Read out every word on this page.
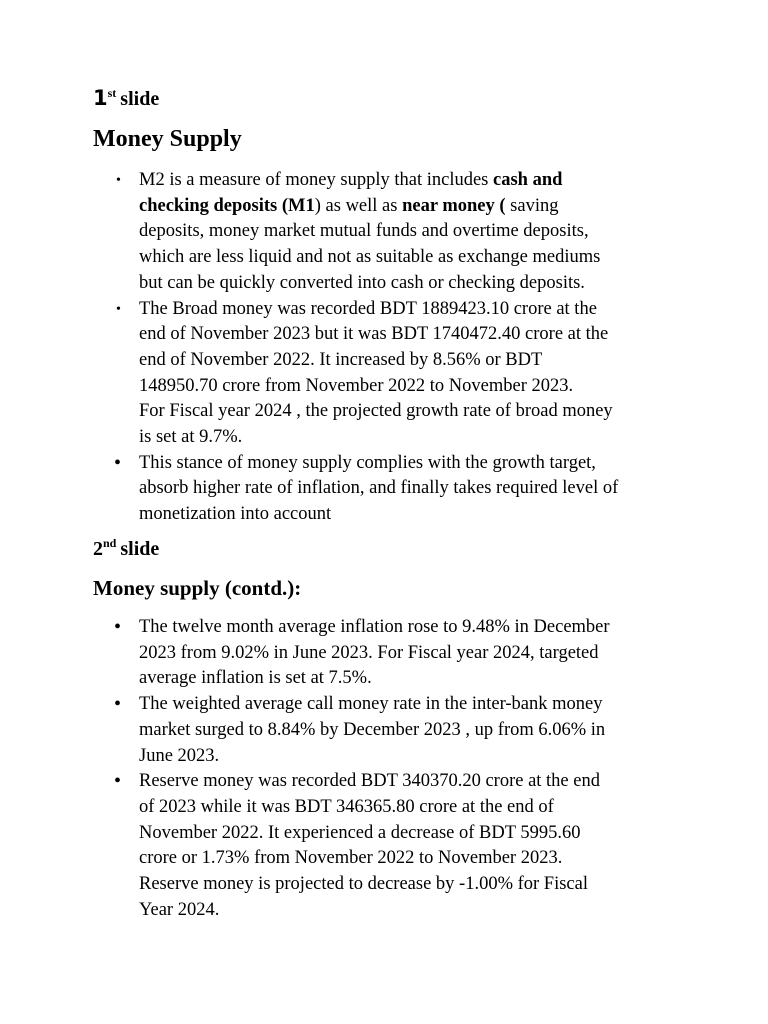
1st slide
Money Supply
• M2 is a measure of money supply that includes cash and
checking deposits (M1) as well as near money ( saving
deposits, money market mutual funds and overtime deposits,
which are less liquid and not as suitable as exchange mediums
but can be quickly converted into cash or checking deposits.
• The Broad money was recorded BDT 1889423.10 crore at the
end of November 2023 but it was BDT 1740472.40 crore at the
end of November 2022. It increased by 8.56% or BDT
148950.70 crore from November 2022 to November 2023.
For Fiscal year 2024 , the projected growth rate of broad money
is set at 9.7%.
• This stance of money supply complies with the growth target,
absorb higher rate of inflation, and finally takes required level of
monetization into account
2nd slide
Money supply (contd.):
• The twelve month average inflation rose to 9.48% in December
2023 from 9.02% in June 2023. For Fiscal year 2024, targeted
average inflation is set at 7.5%.
• The weighted average call money rate in the inter-bank money
market surged to 8.84% by December 2023 , up from 6.06% in
June 2023.
• Reserve money was recorded BDT 340370.20 crore at the end
of 2023 while it was BDT 346365.80 crore at the end of
November 2022. It experienced a decrease of BDT 5995.60
crore or 1.73% from November 2022 to November 2023.
Reserve money is projected to decrease by -1.00% for Fiscal
Year 2024.
